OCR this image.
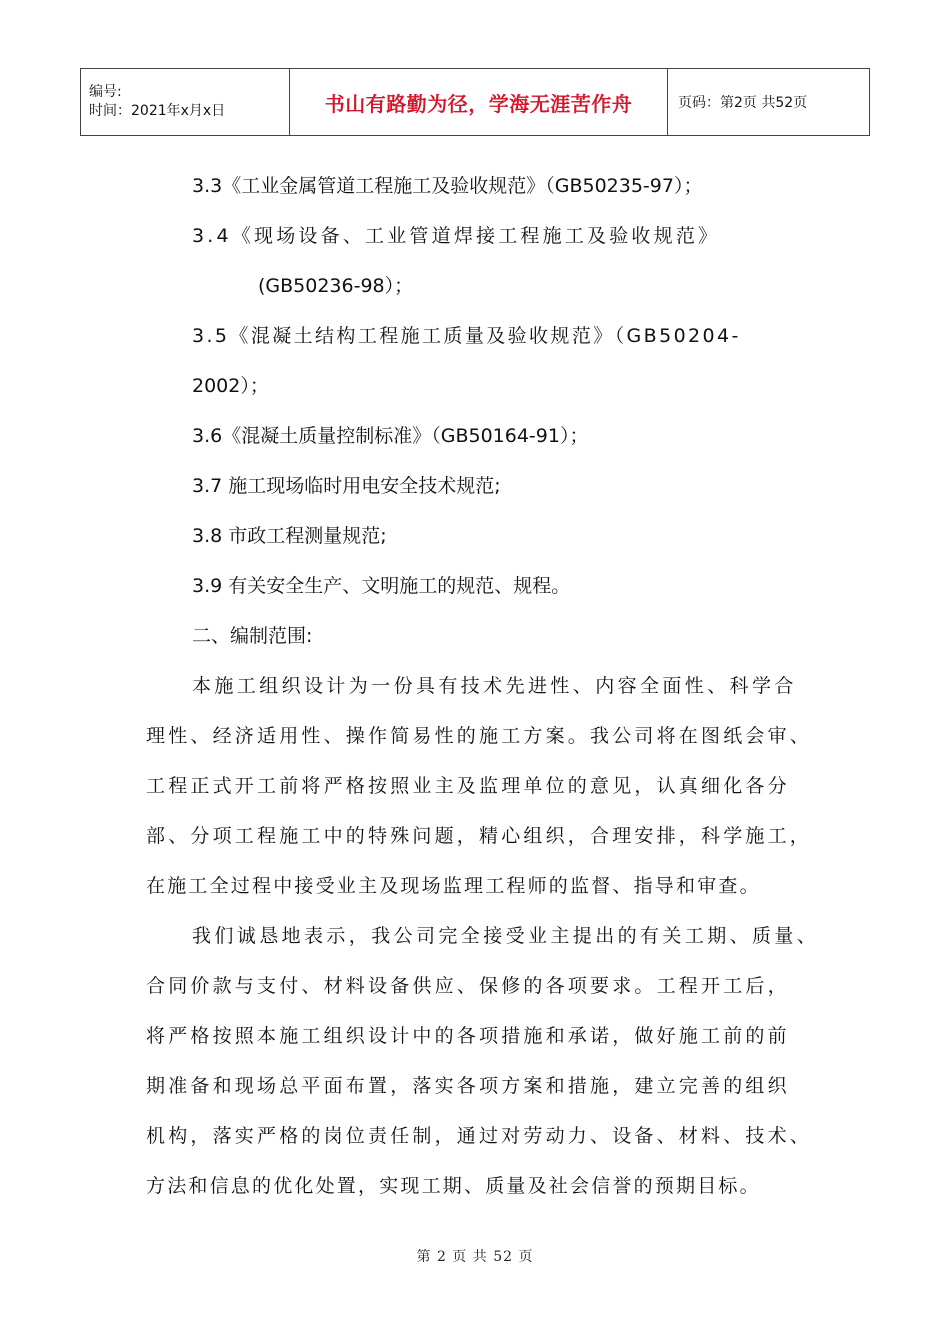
编号:
时间：2021年x月x日	书山有路勤为径，学海无涯苦作舟	页码：第2页 共52页
3.3《工业金属管道工程施工及验收规范》（GB50235-97）；
3.4《现场设备、工业管道焊接工程施工及验收规范》
(GB50236-98）；
3.5《混凝土结构工程施工质量及验收规范》（GB50204-
2002）；
3.6《混凝土质量控制标准》（GB50164-91）；
3.7 施工现场临时用电安全技术规范;
3.8 市政工程测量规范;
3.9 有关安全生产、文明施工的规范、规程。
二、编制范围:
本施工组织设计为一份具有技术先进性、内容全面性、科学合
理性、经济适用性、操作简易性的施工方案。我公司将在图纸会审、
工程正式开工前将严格按照业主及监理单位的意见，认真细化各分
部、分项工程施工中的特殊问题，精心组织，合理安排，科学施工，
在施工全过程中接受业主及现场监理工程师的监督、指导和审查。
我们诚恳地表示，我公司完全接受业主提出的有关工期、质量、
合同价款与支付、材料设备供应、保修的各项要求。工程开工后，
将严格按照本施工组织设计中的各项措施和承诺，做好施工前的前
期准备和现场总平面布置，落实各项方案和措施，建立完善的组织
机构，落实严格的岗位责任制，通过对劳动力、设备、材料、技术、
方法和信息的优化处置，实现工期、质量及社会信誉的预期目标。
第 2 页 共 52 页
